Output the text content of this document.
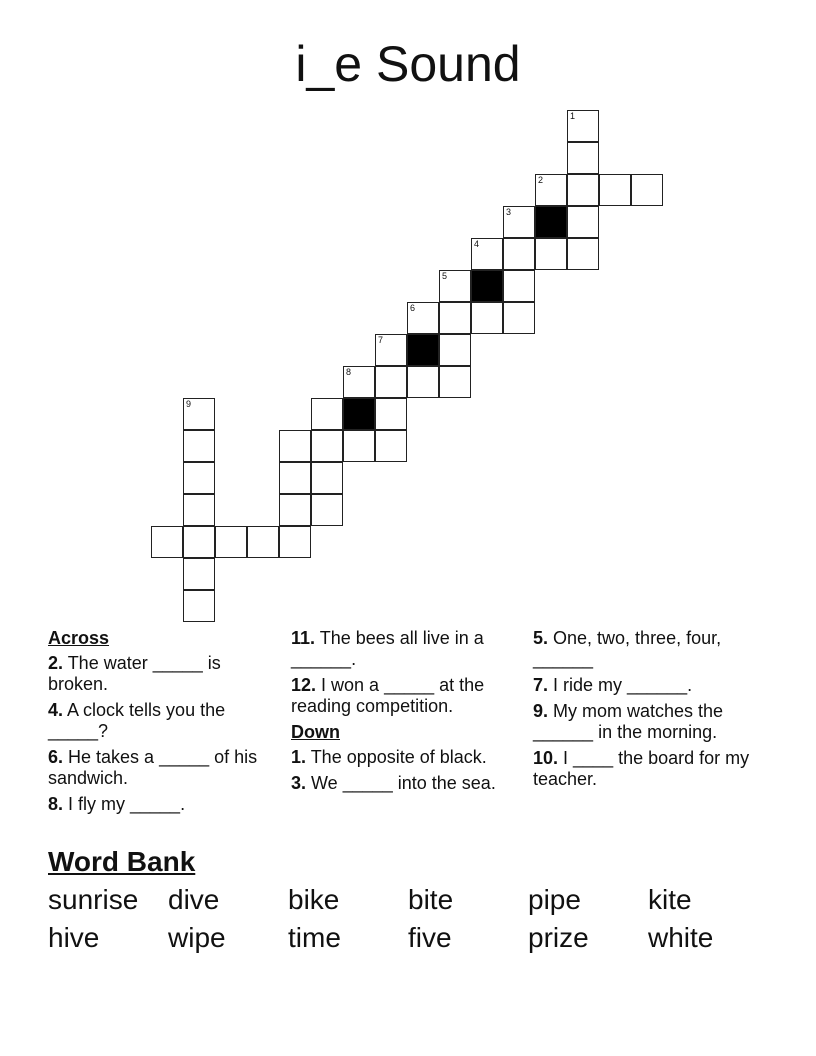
i_e Sound
1
2
3
4
5
6
7
8
9
Across
2. The water _____ is broken.
4. A clock tells you the _____?
6. He takes a _____ of his sandwich.
8. I fly my _____.
11. The bees all live in a ______.
12. I won a _____ at the reading competition.
Down
1. The opposite of black.
3. We _____ into the sea.
5. One, two, three, four, ______
7. I ride my ______.
9. My mom watches the ______ in the morning.
10. I ____ the board for my teacher.
Word Bank
sunrise dive bike bite	pipe kite
hive wipe time five	prize white
